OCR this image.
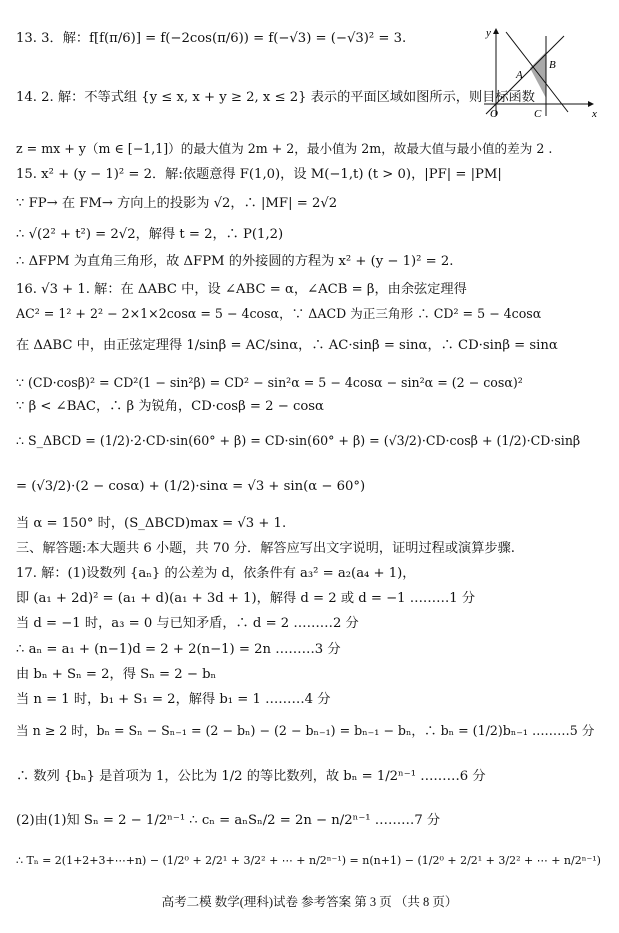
13. 3．解：f[f(π/6)] = f(−2cos(π/6)) = f(−√3) = (−√3)² = 3.
14. 2. 解：不等式组 {y ≤ x, x + y ≥ 2, x ≤ 2} 表示的平面区域如图所示，则目标函数
z = mx + y（m ∈ [−1,1]）的最大值为 2m + 2，最小值为 2m，故最大值与最小值的差为 2 .
15. x² + (y − 1)² = 2．解:依题意得 F(1,0)，设 M(−1,t) (t > 0)，|PF| = |PM|
∵ FP→ 在 FM→ 方向上的投影为 √2，∴ |MF| = 2√2
∴ √(2² + t²) = 2√2，解得 t = 2，∴ P(1,2)
∴ ΔFPM 为直角三角形，故 ΔFPM 的外接圆的方程为 x² + (y − 1)² = 2.
16. √3 + 1. 解：在 ΔABC 中，设 ∠ABC = α，∠ACB = β，由余弦定理得
AC² = 1² + 2² − 2×1×2cosα = 5 − 4cosα，∵ ΔACD 为正三角形 ∴ CD² = 5 − 4cosα
在 ΔABC 中，由正弦定理得 1/sinβ = AC/sinα，∴ AC·sinβ = sinα，∴ CD·sinβ = sinα
∵ (CD·cosβ)² = CD²(1 − sin²β) = CD² − sin²α = 5 − 4cosα − sin²α = (2 − cosα)²
∵ β < ∠BAC，∴ β 为锐角，CD·cosβ = 2 − cosα
∴ S_ΔBCD = (1/2)·2·CD·sin(60° + β) = CD·sin(60° + β) = (√3/2)·CD·cosβ + (1/2)·CD·sinβ
= (√3/2)·(2 − cosα) + (1/2)·sinα = √3 + sin(α − 60°)
当 α = 150° 时，(S_ΔBCD)max = √3 + 1.
三、解答题:本大题共 6 小题，共 70 分．解答应写出文字说明，证明过程或演算步骤.
17. 解：(1)设数列 {aₙ} 的公差为 d，依条件有 a₃² = a₂(a₄ + 1)，
即 (a₁ + 2d)² = (a₁ + d)(a₁ + 3d + 1)，解得 d = 2 或 d = −1 ………1 分
当 d = −1 时，a₃ = 0 与已知矛盾，∴ d = 2 ………2 分
∴ aₙ = a₁ + (n−1)d = 2 + 2(n−1) = 2n ………3 分
由 bₙ + Sₙ = 2，得 Sₙ = 2 − bₙ
当 n = 1 时，b₁ + S₁ = 2，解得 b₁ = 1 ………4 分
当 n ≥ 2 时，bₙ = Sₙ − Sₙ₋₁ = (2 − bₙ) − (2 − bₙ₋₁) = bₙ₋₁ − bₙ，∴ bₙ = (1/2)bₙ₋₁ ………5 分
∴ 数列 {bₙ} 是首项为 1，公比为 1/2 的等比数列，故 bₙ = 1/2ⁿ⁻¹ ………6 分
(2)由(1)知 Sₙ = 2 − 1/2ⁿ⁻¹ ∴ cₙ = aₙSₙ/2 = 2n − n/2ⁿ⁻¹ ………7 分
∴ Tₙ = 2(1+2+3+⋯+n) − (1/2⁰ + 2/2¹ + 3/2² + ⋯ + n/2ⁿ⁻¹) = n(n+1) − (1/2⁰ + 2/2¹ + 3/2² + ⋯ + n/2ⁿ⁻¹)
y
x
O
A
B
C
高考二模 数学(理科)试卷 参考答案 第 3 页 （共 8 页）
